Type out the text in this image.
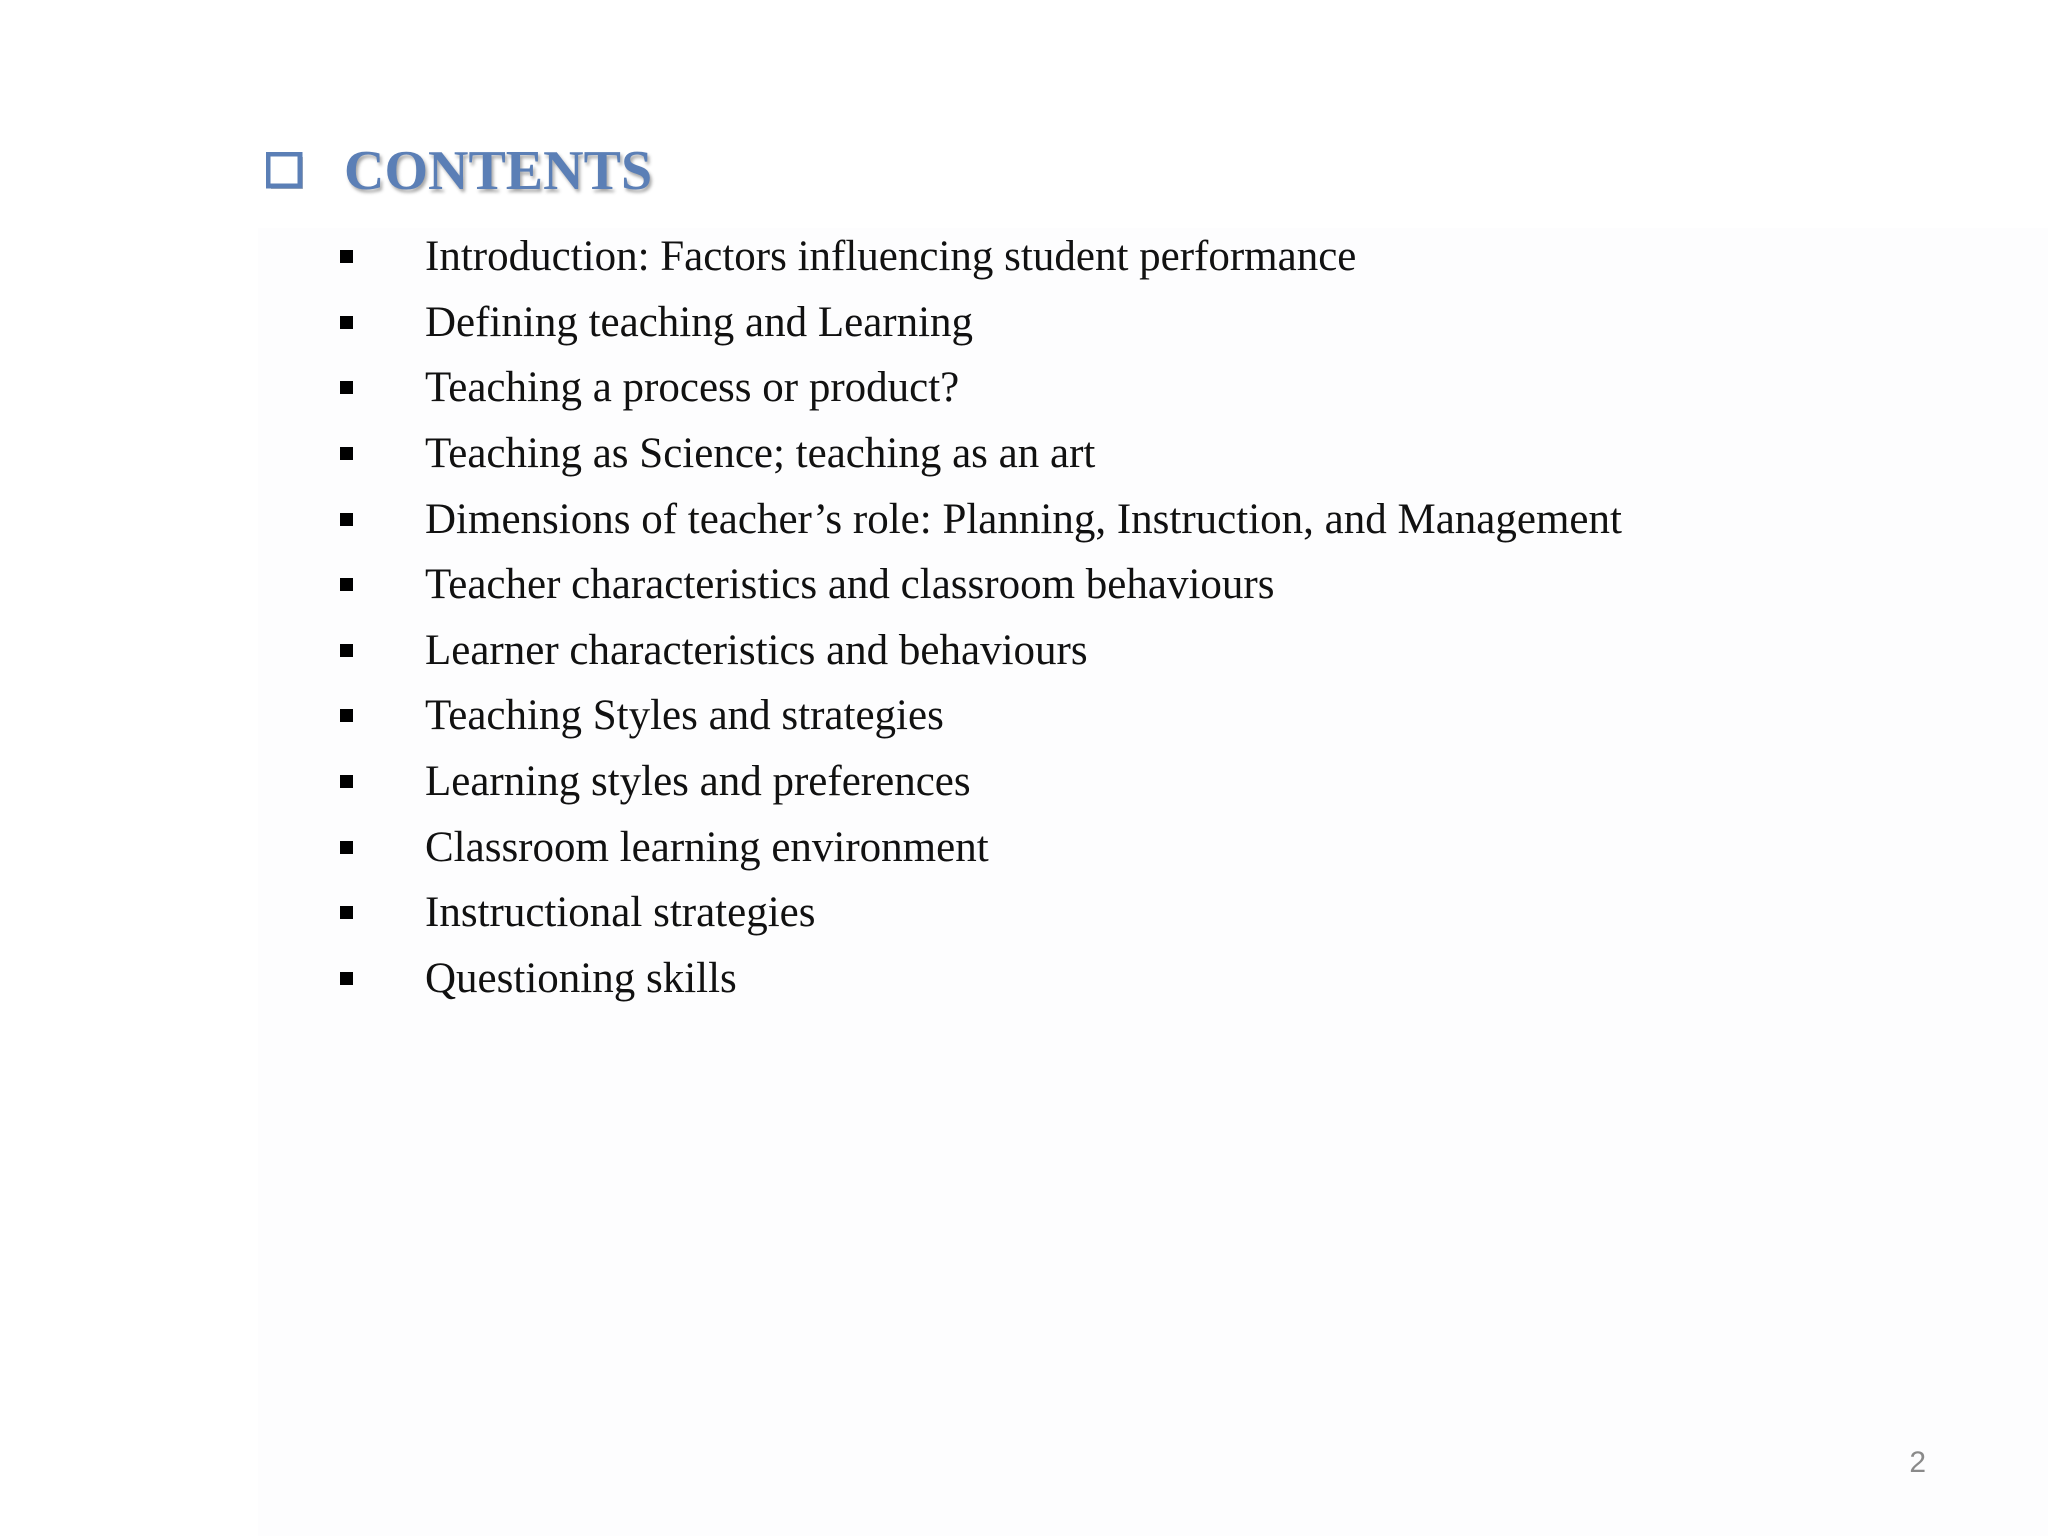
CONTENTS
Introduction: Factors influencing student performance
Defining teaching and Learning
Teaching a process or product?
Teaching as Science; teaching as an art
Dimensions of teacher’s role: Planning, Instruction, and Management
Teacher characteristics and classroom behaviours
Learner characteristics and behaviours
Teaching Styles and strategies
Learning styles and preferences
Classroom learning environment
Instructional strategies
Questioning skills
2
